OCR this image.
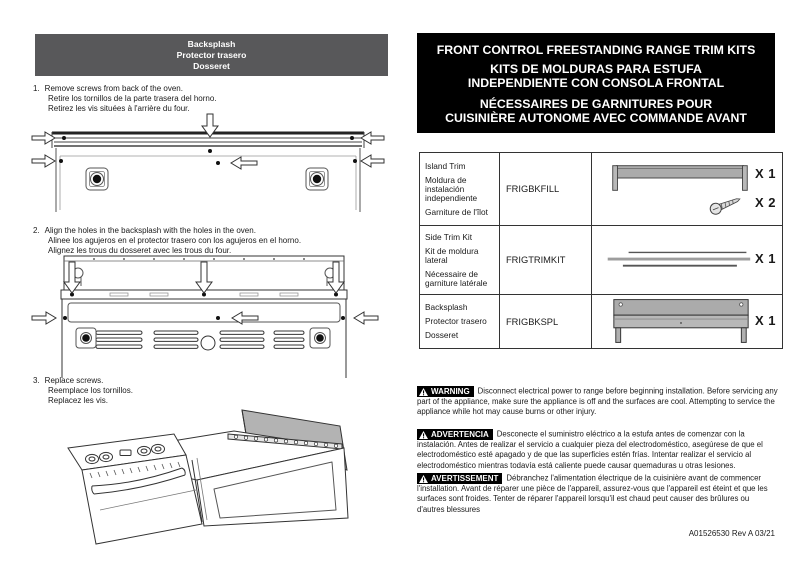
Backsplash
Protector trasero
Dosseret
1. Remove screws from back of the oven.
Retire los tornillos de la parte trasera del horno.
Retirez les vis situées à l'arrière du four.
2. Align the holes in the backsplash with the holes in the oven.
Alinee los agujeros en el protector trasero con los agujeros en el horno.
Alignez les trous du dosseret avec les trous du four.
3. Replace screws.
Reemplace los tornillos.
Replacez les vis.
FRONT CONTROL FREESTANDING RANGE TRIM KITS
KITS DE MOLDURAS PARA ESTUFA INDEPENDIENTE CON CONSOLA FRONTAL
NÉCESSAIRES DE GARNITURES POUR CUISINIÈRE AUTONOME AVEC COMMANDE AVANT
Island Trim
Moldura de instalación independiente
Garniture de l'îlot
FRIGBKFILL
X 1
X 2
Side Trim Kit
Kit de moldura lateral
Nécessaire de garniture latérale
FRIGTRIMKIT	X 1
Backsplash
Protector trasero
Dosseret
FRIGBKSPL	X 1
WARNING Disconnect electrical power to range before beginning installation. Before servicing any part of the appliance, make sure the appliance is off and the surfaces are cool. Attempting to service the appliance while hot may cause burns or other injury.
ADVERTENCIA Desconecte el suministro eléctrico a la estufa antes de comenzar con la instalación. Antes de realizar el servicio a cualquier pieza del electrodoméstico, asegúrese de que el electrodoméstico esté apagado y de que las superficies estén frías. Intentar realizar el servicio al electrodoméstico mientras todavía está caliente puede causar quemaduras u otras lesiones.
AVERTISSEMENT Débranchez l'alimentation électrique de la cuisinière avant de commencer l'installation. Avant de réparer une pièce de l'appareil, assurez-vous que l'appareil est éteint et que les surfaces sont froides. Tenter de réparer l'appareil lorsqu'il est chaud peut causer des brûlures ou d'autres blessures
A01526530 Rev A 03/21
